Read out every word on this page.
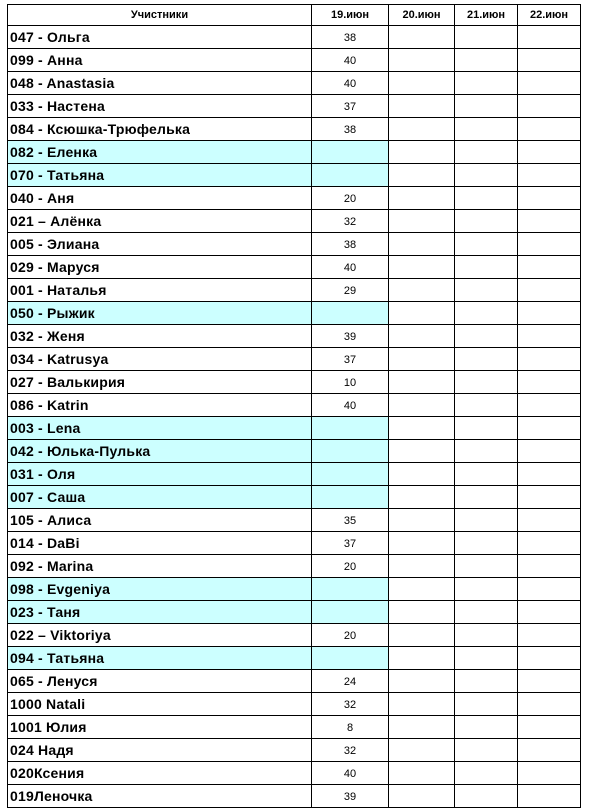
Учистники	19.июн	20.июн	21.июн	22.июн
047 - Ольга	38			
099 - Анна	40			
048 - Anastasia	40			
033 - Настена	37			
084 - Ксюшка-Трюфелька	38			
082 - Еленка				
070 - Татьяна				
040 - Аня	20			
021 – Алёнка	32			
005 - Элиана	38			
029 - Маруся	40			
001 - Наталья	29			
050 - Рыжик				
032 - Женя	39			
034 - Katrusya	37			
027 - Валькирия	10			
086 - Katrin	40			
003 - Lena				
042 - Юлька-Пулька				
031 - Оля				
007 - Саша				
105 - Алиса	35			
014 - DaBi	37			
092 - Marina	20			
098 - Evgeniya				
023 - Таня				
022 – Viktoriya	20			
094 - Татьяна				
065 - Ленуся	24			
1000 Natali	32			
1001 Юлия	8			
024 Надя	32			
020Ксения	40			
019Леночка	39			
